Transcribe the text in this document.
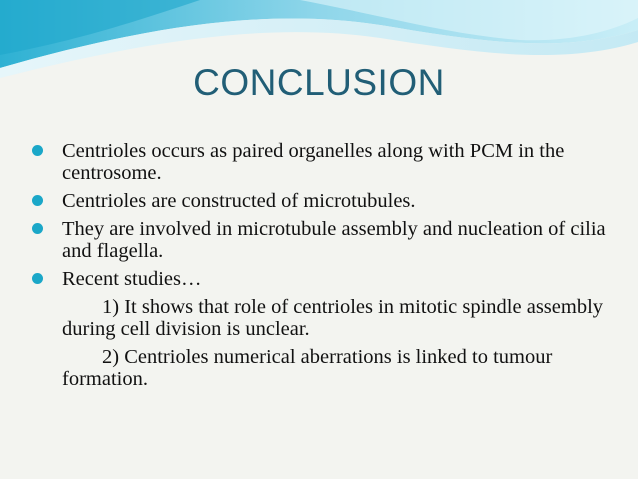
CONCLUSION
Centrioles occurs as paired organelles along with PCM in the centrosome.
Centrioles are constructed of microtubules.
They are involved in microtubule assembly and nucleation of cilia and flagella.
Recent studies…
1) It shows that role of centrioles in mitotic spindle assembly during cell division is unclear.
2) Centrioles numerical aberrations is linked to tumour formation.
